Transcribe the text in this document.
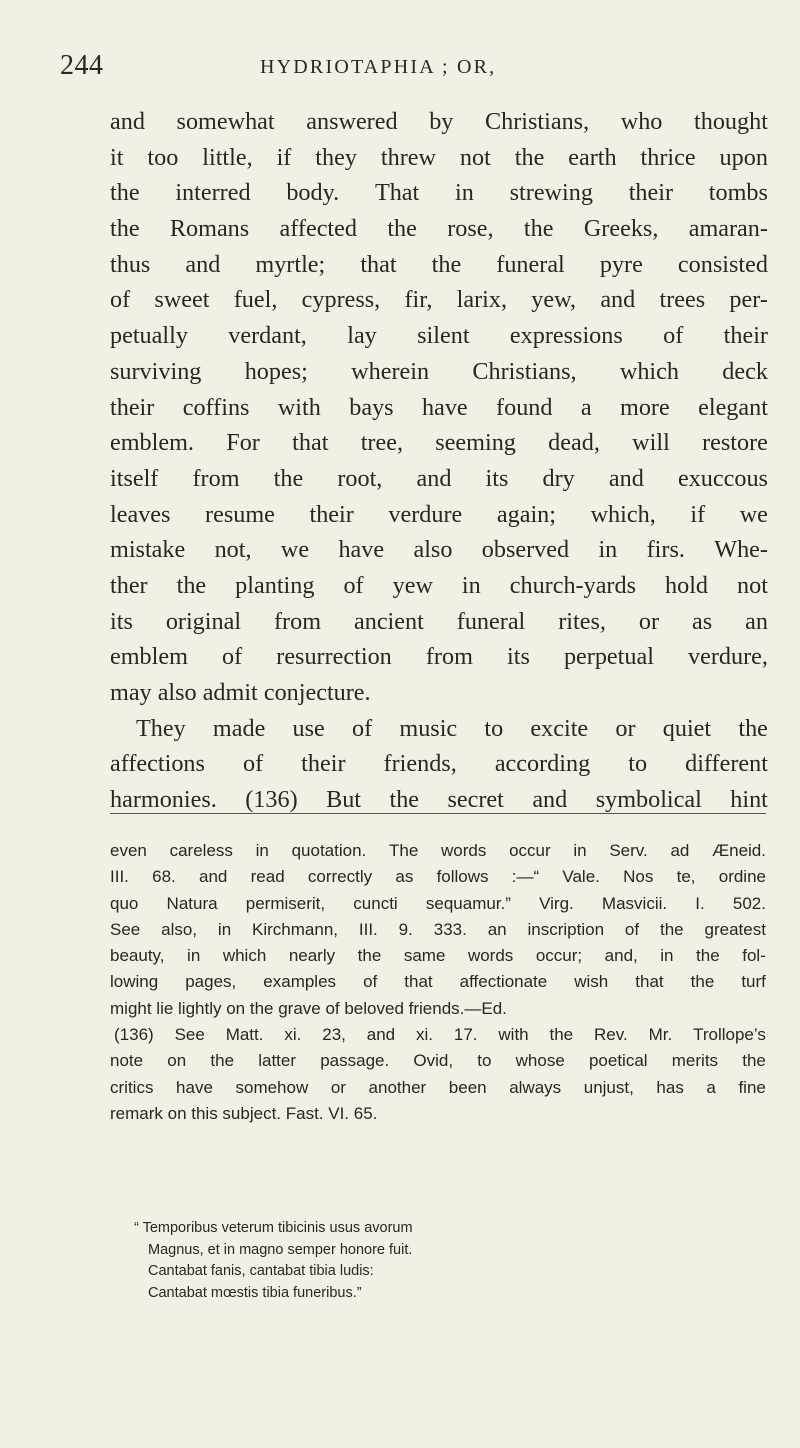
244	HYDRIOTAPHIA ; OR,
and somewhat answered by Christians, who thought
it too little, if they threw not the earth thrice upon
the interred body. That in strewing their tombs
the Romans affected the rose, the Greeks, amaran-
thus and myrtle; that the funeral pyre consisted
of sweet fuel, cypress, fir, larix, yew, and trees per-
petually verdant, lay silent expressions of their
surviving hopes; wherein Christians, which deck
their coffins with bays have found a more elegant
emblem. For that tree, seeming dead, will restore
itself from the root, and its dry and exuccous
leaves resume their verdure again; which, if we
mistake not, we have also observed in firs. Whe-
ther the planting of yew in church-yards hold not
its original from ancient funeral rites, or as an
emblem of resurrection from its perpetual verdure,
may also admit conjecture.
They made use of music to excite or quiet the
affections of their friends, according to different
harmonies. (136) But the secret and symbolical hint
even careless in quotation. The words occur in Serv. ad Æneid.
III. 68. and read correctly as follows :—“ Vale. Nos te, ordine
quo Natura permiserit, cuncti sequamur.” Virg. Masvicii. I. 502.
See also, in Kirchmann, III. 9. 333. an inscription of the greatest
beauty, in which nearly the same words occur; and, in the fol-
lowing pages, examples of that affectionate wish that the turf
might lie lightly on the grave of beloved friends.—Ed.
(136) See Matt. xi. 23, and xi. 17. with the Rev. Mr. Trollope’s
note on the latter passage. Ovid, to whose poetical merits the
critics have somehow or another been always unjust, has a fine
remark on this subject. Fast. VI. 65.
“ Temporibus veterum tibicinis usus avorum
Magnus, et in magno semper honore fuit.
Cantabat fanis, cantabat tibia ludis:
Cantabat mœstis tibia funeribus.”
